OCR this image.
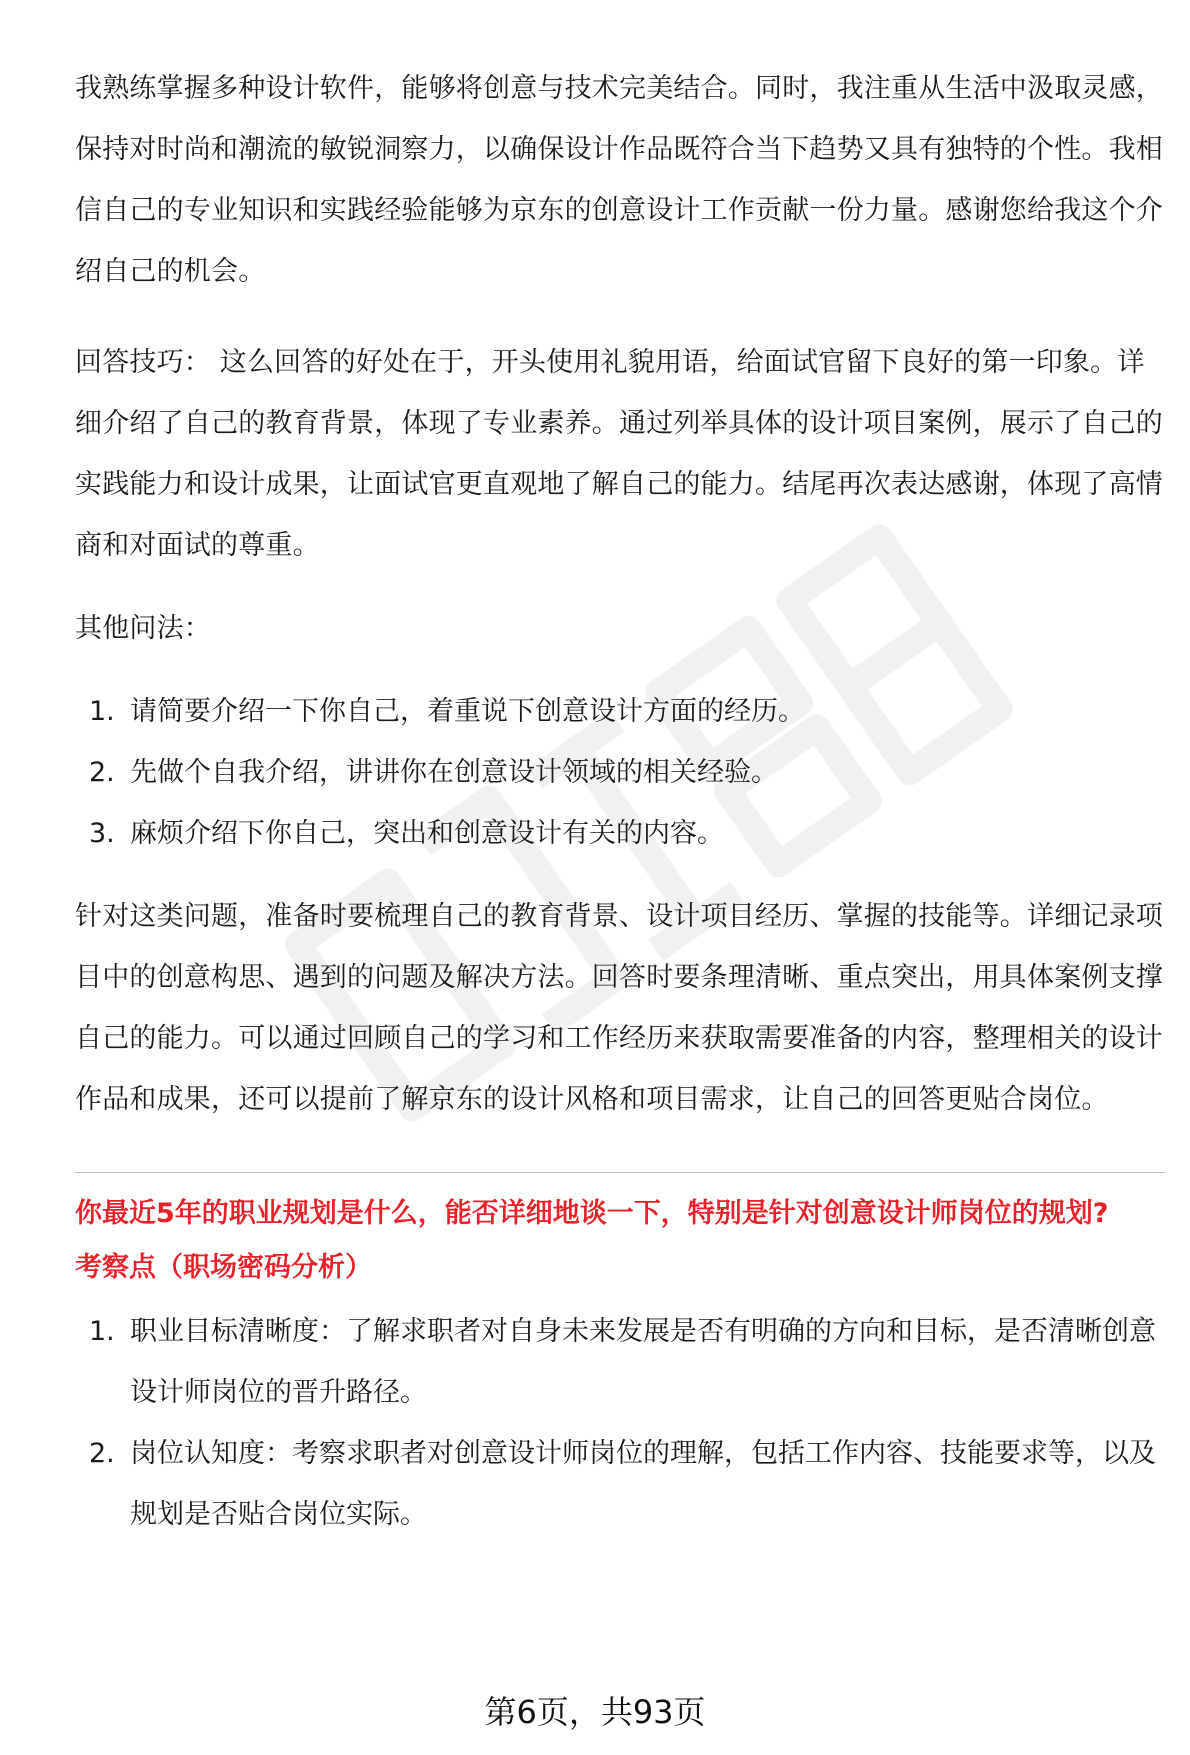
我熟练掌握多种设计软件，能够将创意与技术完美结合。同时，我注重从生活中汲取灵感，保持对时尚和潮流的敏锐洞察力，以确保设计作品既符合当下趋势又具有独特的个性。我相信自己的专业知识和实践经验能够为京东的创意设计工作贡献一份力量。感谢您给我这个介绍自己的机会。

回答技巧： 这么回答的好处在于，开头使用礼貌用语，给面试官留下良好的第一印象。详细介绍了自己的教育背景，体现了专业素养。通过列举具体的设计项目案例，展示了自己的实践能力和设计成果，让面试官更直观地了解自己的能力。结尾再次表达感谢，体现了高情商和对面试的尊重。

其他问法：

1. 请简要介绍一下你自己，着重说下创意设计方面的经历。
2. 先做个自我介绍，讲讲你在创意设计领域的相关经验。
3. 麻烦介绍下你自己，突出和创意设计有关的内容。

针对这类问题，准备时要梳理自己的教育背景、设计项目经历、掌握的技能等。详细记录项目中的创意构思、遇到的问题及解决方法。回答时要条理清晰、重点突出，用具体案例支撑自己的能力。可以通过回顾自己的学习和工作经历来获取需要准备的内容，整理相关的设计作品和成果，还可以提前了解京东的设计风格和项目需求，让自己的回答更贴合岗位。

你最近5年的职业规划是什么，能否详细地谈一下，特别是针对创意设计师岗位的规划?
考察点（职场密码分析）
1. 职业目标清晰度：了解求职者对自身未来发展是否有明确的方向和目标，是否清晰创意设计师岗位的晋升路径。
2. 岗位认知度：考察求职者对创意设计师岗位的理解，包括工作内容、技能要求等，以及规划是否贴合岗位实际。
第6页，共93页
